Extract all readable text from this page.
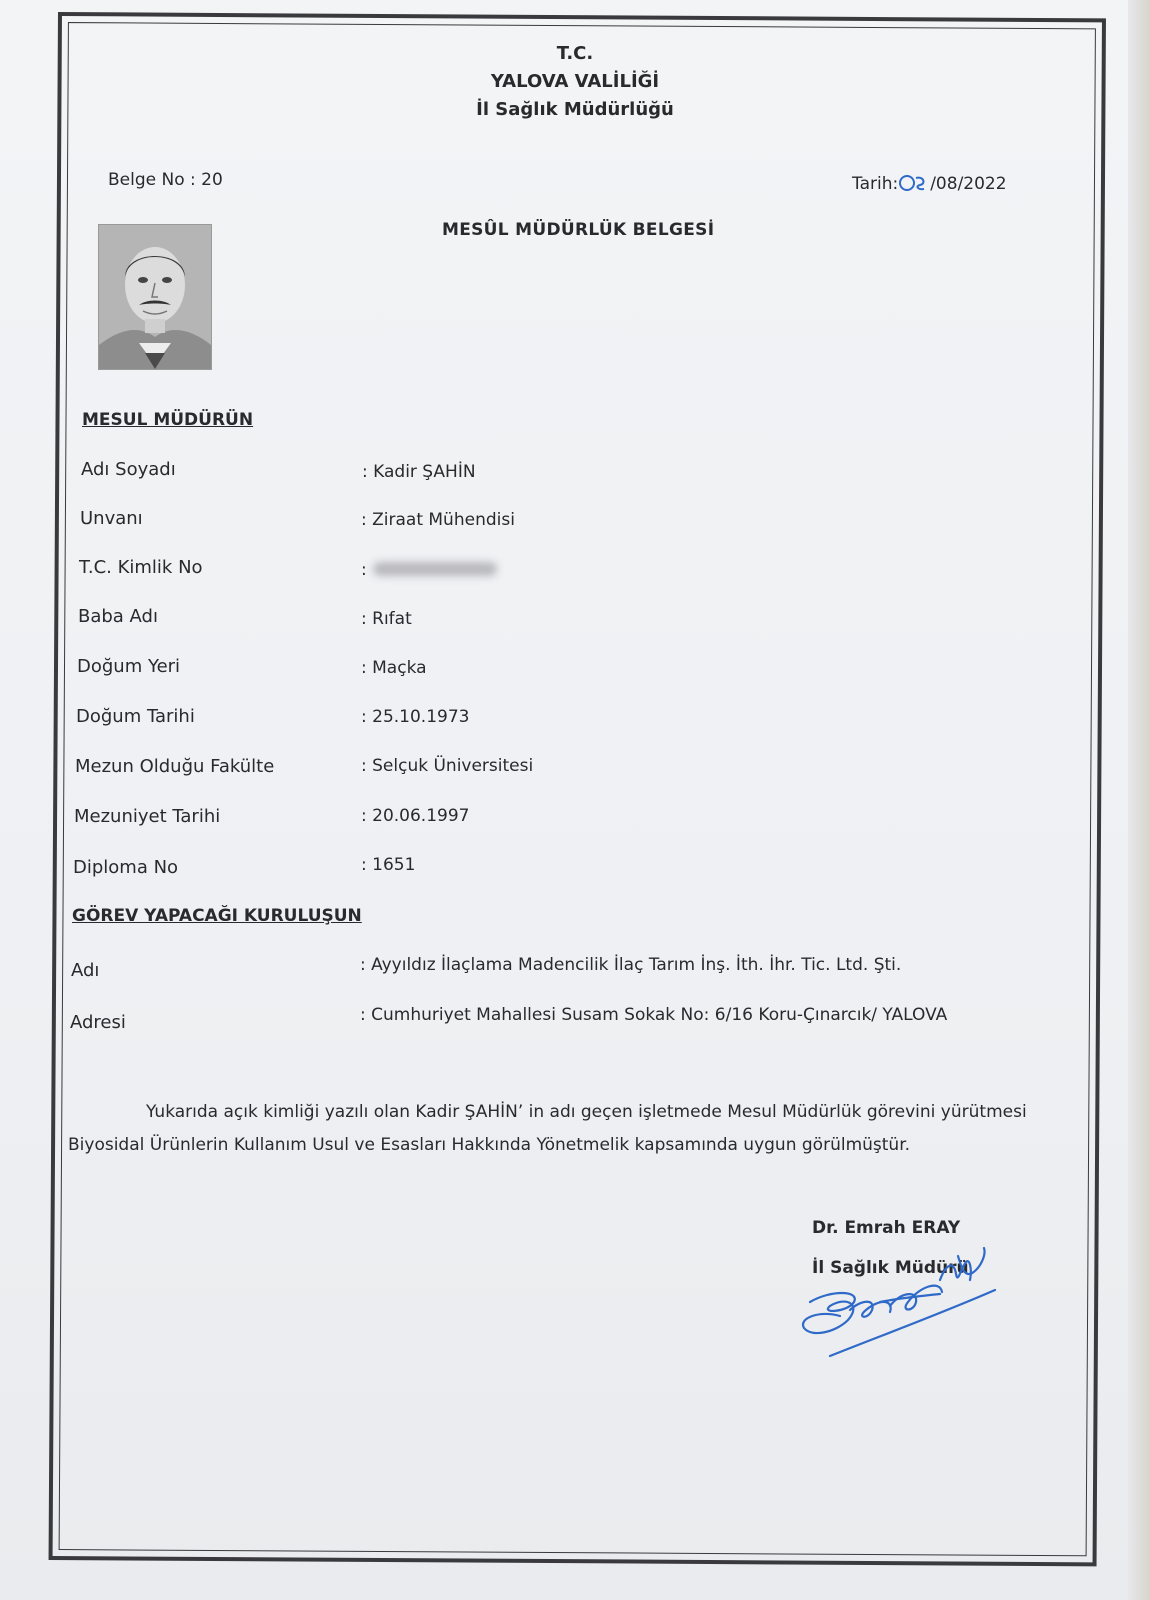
T.C.
YALOVA VALİLİĞİ
İl Sağlık Müdürlüğü
Belge No : 20	Tarih: /08/2022
MESÛL MÜDÜRLÜK BELGESİ
MESUL MÜDÜRÜN
Adı Soyadı	: Kadir ŞAHİN
Unvanı	: Ziraat Mühendisi
T.C. Kimlik No	:
Baba Adı	: Rıfat
Doğum Yeri	: Maçka
Doğum Tarihi	: 25.10.1973
Mezun Olduğu Fakülte	: Selçuk Üniversitesi
Mezuniyet Tarihi	: 20.06.1997
Diploma No	: 1651
GÖREV YAPACAĞI KURULUŞUN
Adı	: Ayyıldız İlaçlama Madencilik İlaç Tarım İnş. İth. İhr. Tic. Ltd. Şti.
Adresi	: Cumhuriyet Mahallesi Susam Sokak No: 6/16 Koru-Çınarcık/ YALOVA
Yukarıda açık kimliği yazılı olan Kadir ŞAHİN’ in adı geçen işletmede Mesul Müdürlük görevini yürütmesi Biyosidal Ürünlerin Kullanım Usul ve Esasları Hakkında Yönetmelik kapsamında uygun görülmüştür.
Dr. Emrah ERAY
İl Sağlık Müdürü
